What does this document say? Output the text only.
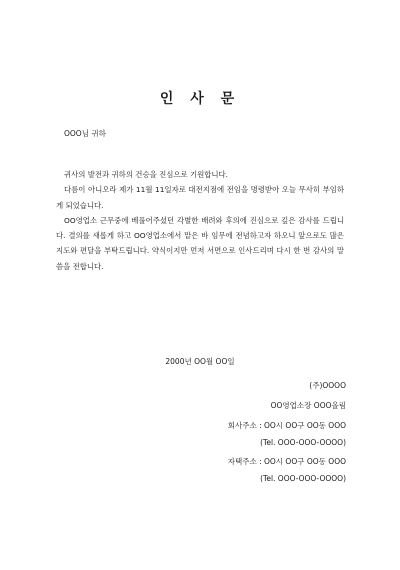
인 사 문
OOO님 귀하

귀사의 발전과 귀하의 건승을 진심으로 기원합니다.

다름이 아니오라 제가 11월 11일자로 대전지점에 전임을 명령받아 오늘 무사히 부임하게 되었습니다.

OO영업소 근무중에 베풀어주셨던 각별한 배려와 후의에 진심으로 깊은 감사를 드립니다. 결의를 새롭게 하고 OO영업소에서 맡은 바 임무에 전념하고자 하오니 앞으로도 많은 지도와 편달을 부탁드립니다. 약식이지만 먼저 서면으로 인사드리며 다시 한 번 감사의 말씀을 전합니다.

2000년 OO월 OO일
(주)OOOO
OO영업소장 OOO올림
회사주소 : OO시 OO구 OO동 OOO
(Tel. OOO-OOO-OOOO)
자택주소 : OO시 OO구 OO동 OOO
(Tel. OOO-OOO-OOOO)
